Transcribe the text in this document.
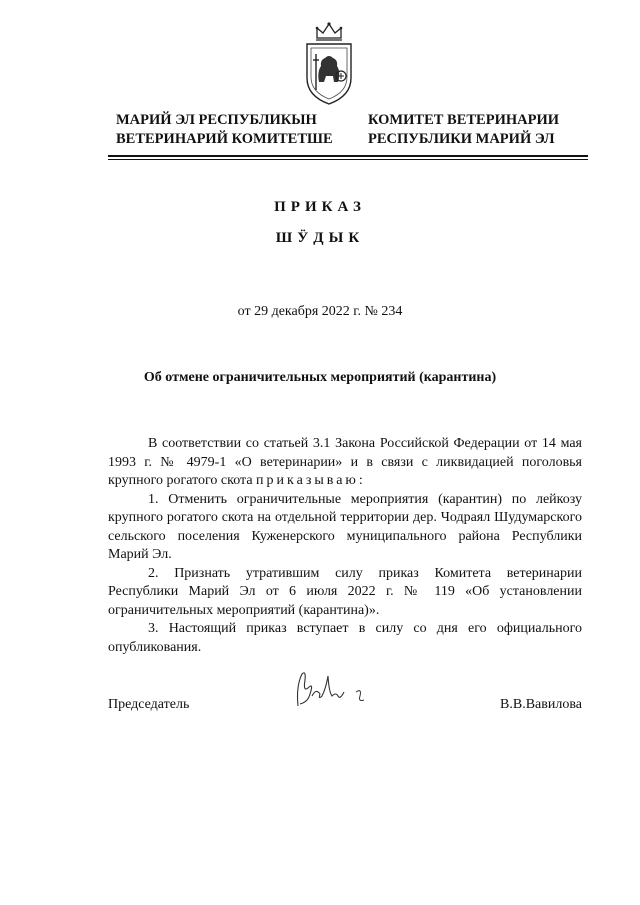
МАРИЙ ЭЛ РЕСПУБЛИКЫН
ВЕТЕРИНАРИЙ КОМИТЕТШЕ
КОМИТЕТ ВЕТЕРИНАРИИ
РЕСПУБЛИКИ МАРИЙ ЭЛ
ПРИКАЗ
ШӰДЫК
от 29 декабря 2022 г. № 234
Об отмене ограничительных мероприятий (карантина)

В соответствии со статьей 3.1 Закона Российской Федерации от 14 мая 1993 г. № 4979-1 «О ветеринарии» и в связи с ликвидацией поголовья крупного рогатого скота приказываю:

1. Отменить ограничительные мероприятия (карантин) по лейкозу крупного рогатого скота на отдельной территории дер. Чодраял Шудумарского сельского поселения Куженерского муниципального района Республики Марий Эл.

2. Признать утратившим силу приказ Комитета ветеринарии Республики Марий Эл от 6 июля 2022 г. № 119 «Об установлении ограничительных мероприятий (карантина)».

3. Настоящий приказ вступает в силу со дня его официального опубликования.

Председатель	В.В.Вавилова
